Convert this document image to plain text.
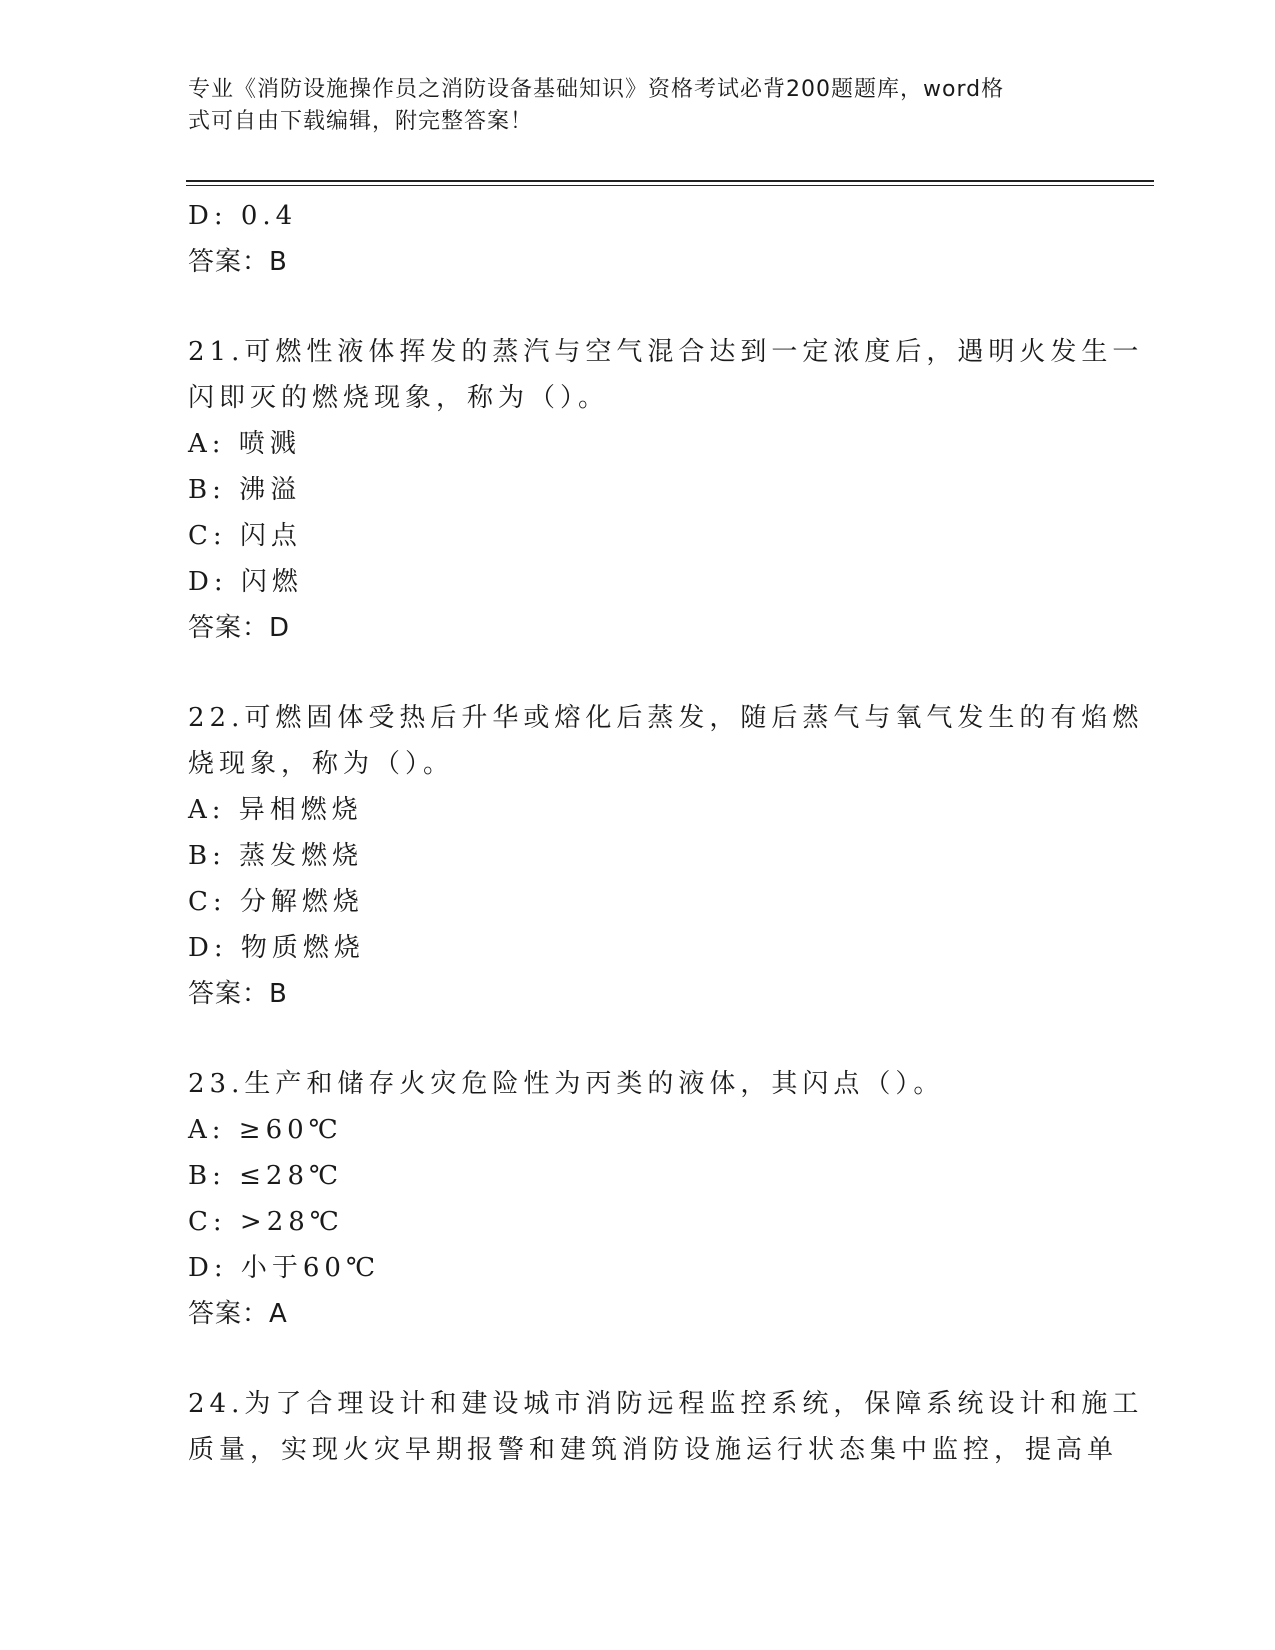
专业《消防设施操作员之消防设备基础知识》资格考试必背200题题库，word格
式可自由下载编辑，附完整答案！
D: 0.4
答案：B
21.可燃性液体挥发的蒸汽与空气混合达到一定浓度后，遇明火发生一
闪即灭的燃烧现象，称为（）。
A: 喷溅
B: 沸溢
C: 闪点
D: 闪燃
答案：D
22.可燃固体受热后升华或熔化后蒸发，随后蒸气与氧气发生的有焰燃
烧现象，称为（）。
A: 异相燃烧
B: 蒸发燃烧
C: 分解燃烧
D: 物质燃烧
答案：B
23.生产和储存火灾危险性为丙类的液体，其闪点（）。
A: ≥60℃
B: ≤28℃
C: >28℃
D: 小于60℃
答案：A
24.为了合理设计和建设城市消防远程监控系统，保障系统设计和施工
质量，实现火灾早期报警和建筑消防设施运行状态集中监控，提高单
